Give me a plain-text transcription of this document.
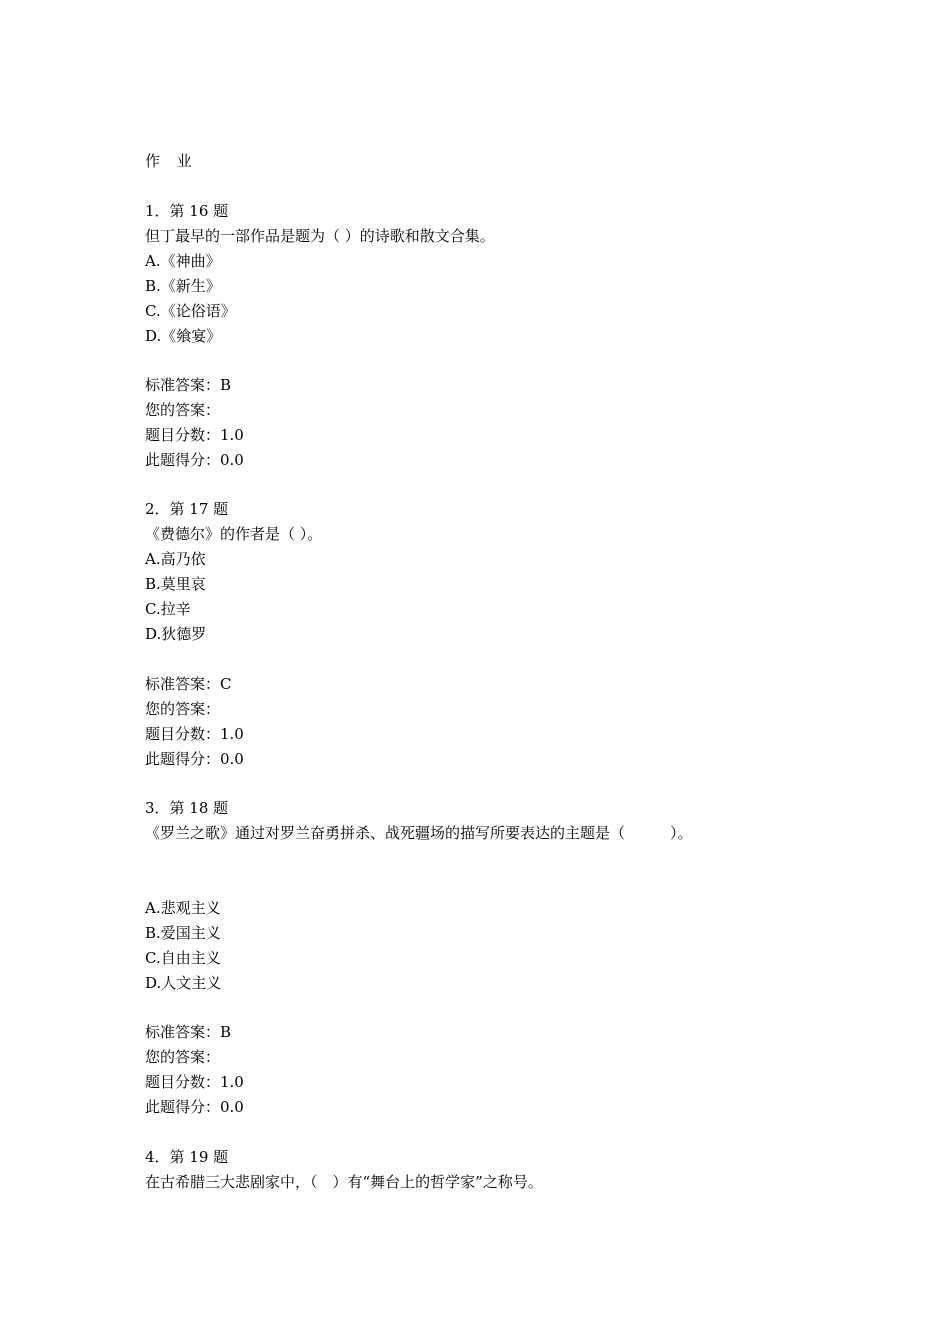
作 业
1．第 16 题
但丁最早的一部作品是题为（ ）的诗歌和散文合集。
A.《神曲》
B.《新生》
C.《论俗语》
D.《飨宴》
标准答案：B
您的答案：
题目分数：1.0
此题得分：0.0
2．第 17 题
《费德尔》的作者是（ ）。
A.高乃依
B.莫里哀
C.拉辛
D.狄德罗
标准答案：C
您的答案：
题目分数：1.0
此题得分：0.0
3．第 18 题
《罗兰之歌》通过对罗兰奋勇拼杀、战死疆场的描写所要表达的主题是（　　　）。
A.悲观主义
B.爱国主义
C.自由主义
D.人文主义
标准答案：B
您的答案：
题目分数：1.0
此题得分：0.0
4．第 19 题
在古希腊三大悲剧家中，（　）有“舞台上的哲学家”之称号。
